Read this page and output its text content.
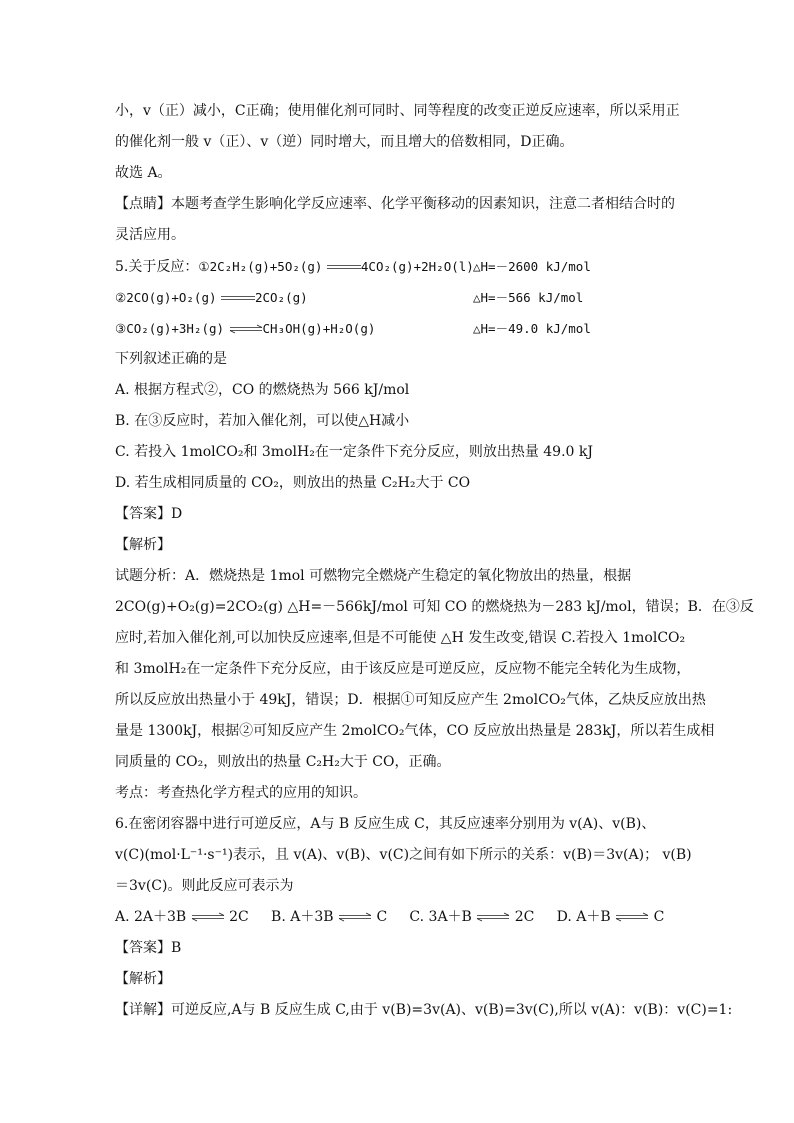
小，v（正）减小，C正确；使用催化剂可同时、同等程度的改变正逆反应速率，所以采用正
的催化剂一般 v（正）、v（逆）同时增大，而且增大的倍数相同，D正确。
故选 A。
【点睛】本题考查学生影响化学反应速率、化学平衡移动的因素知识，注意二者相结合时的
灵活应用。
5.关于反应：①2C₂H₂(g)+5O₂(g)	4CO₂(g)+2H₂O(l) △H=－2600 kJ/mol
②2CO(g)+O₂(g)	2CO₂(g)	△H=－566 kJ/mol
③CO₂(g)+3H₂(g) ⇌CH₃OH(g)+H₂O(g)	△H=－49.0 kJ/mol
下列叙述正确的是
A. 根据方程式②，CO 的燃烧热为 566 kJ/mol
B. 在③反应时，若加入催化剂，可以使△H减小
C. 若投入 1molCO₂和 3molH₂在一定条件下充分反应，则放出热量 49.0 kJ
D. 若生成相同质量的 CO₂，则放出的热量 C₂H₂大于 CO
【答案】D
【解析】
试题分析：A．燃烧热是 1mol 可燃物完全燃烧产生稳定的氧化物放出的热量，根据
2CO(g)+O₂(g)=2CO₂(g) △H=－566kJ/mol 可知 CO 的燃烧热为－283 kJ/mol，错误；B．在③反
应时,若加入催化剂,可以加快反应速率,但是不可能使 △H 发生改变,错误 C.若投入 1molCO₂
和 3molH₂在一定条件下充分反应，由于该反应是可逆反应，反应物不能完全转化为生成物，
所以反应放出热量小于 49kJ，错误；D．根据①可知反应产生 2molCO₂气体，乙炔反应放出热
量是 1300kJ，根据②可知反应产生 2molCO₂气体，CO 反应放出热量是 283kJ，所以若生成相
同质量的 CO₂，则放出的热量 C₂H₂大于 CO，正确。
考点：考查热化学方程式的应用的知识。
6.在密闭容器中进行可逆反应，A与 B 反应生成 C，其反应速率分别用为 v(A)、v(B)、
v(C)(mol·L⁻¹·s⁻¹)表示，且 v(A)、v(B)、v(C)之间有如下所示的关系：v(B)＝3v(A)； v(B)
＝3v(C)。则此反应可表示为
A. 2A＋3B ⇌ 2C B. A＋3B ⇌ C C. 3A＋B ⇌ 2C D. A＋B ⇌ C
【答案】B
【解析】
【详解】可逆反应,A与 B 反应生成 C,由于 v(B)=3v(A)、v(B)=3v(C),所以 v(A)：v(B)：v(C)=1:
